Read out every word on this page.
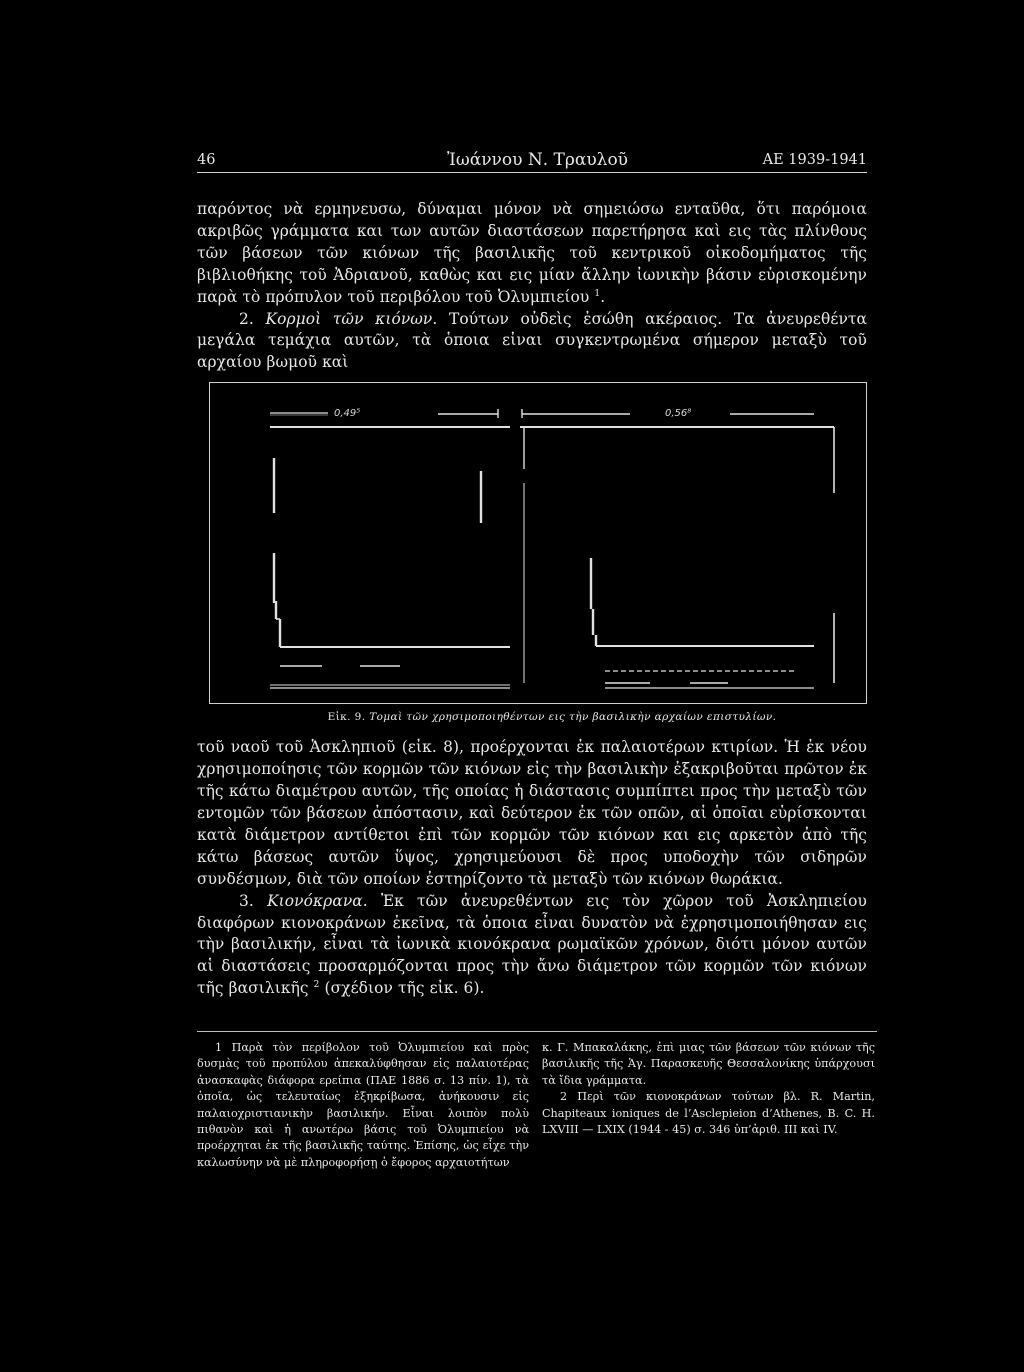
46	Ἰωάννου Ν. Τραυλοῦ	ΑΕ 1939-1941

παρόντος νὰ ερμηνευσω, δύναμαι μόνον νὰ σημειώσω ενταῦθα, ὅτι παρόμοια ακριβῶς γράμματα και των αυτῶν διαστάσεων παρετήρησα καὶ εις τὰς πλίνθους τῶν βάσεων τῶν κιόνων τῆς βασιλικῆς τοῦ κεντρικοῦ οἰκοδομήματος τῆς βιβλιοθήκης τοῦ Ἀδριανοῦ, καθὼς και εις μίαν ἄλλην ἰωνικὴν βάσιν εὑρισκομένην παρὰ τὸ πρόπυλον τοῦ περιβόλου τοῦ Ὀλυμπιείου $^1$.

2. Κορμοὶ τῶν κιόνων. Τούτων οὐδεὶς ἐσώθη ακέραιος. Τα ἀνευρεθέντα μεγάλα τεμάχια αυτῶν, τὰ ὁποια εἰναι συγκεντρωμένα σήμερον μεταξὺ τοῦ αρχαίου βωμοῦ καὶ

0,49⁵	0,56⁸
Εἰκ. 9. Τομαὶ τῶν χρησιμοποιηθέντων εις τὴν βασιλικὴν αρχαίων επιστυλίων.

τοῦ ναοῦ τοῦ Ἀσκληπιοῦ (εἰκ. 8), προέρχονται ἐκ παλαιοτέρων κτιρίων. Ἡ ἐκ νέου χρησιμοποίησις τῶν κορμῶν τῶν κιόνων εἰς τὴν βασιλικὴν ἐξακριβοῦται πρῶτον ἐκ τῆς κάτω διαμέτρου αυτῶν, τῆς οποίας ἡ διάστασις συμπίπτει προς τὴν μεταξὺ τῶν εντομῶν τῶν βάσεων ἀπόστασιν, καὶ δεύτερον ἐκ τῶν οπῶν, αἱ ὁποῖαι εὑρίσκονται κατὰ διάμετρον αντίθετοι ἐπὶ τῶν κορμῶν τῶν κιόνων και εις αρκετὸν ἀπὸ τῆς κάτω βάσεως αυτῶν ὕψος, χρησιμεύουσι δὲ προς υποδοχὴν τῶν σιδηρῶν συνδέσμων, διὰ τῶν οποίων ἐστηρίζοντο τὰ μεταξὺ τῶν κιόνων θωράκια.

3. Κιονόκρανα. Ἐκ τῶν ἀνευρεθέντων εις τὸν χῶρον τοῦ Ἀσκληπιείου διαφόρων κιονοκράνων ἐκεῖνα, τὰ ὁποια εἶναι δυνατὸν νὰ ἐχρησιμοποιήθησαν εις τὴν βασιλικήν, εἶναι τὰ ἰωνικὰ κιονόκρανα ρωμαϊκῶν χρόνων, διότι μόνον αυτῶν αἱ διαστάσεις προσαρμόζονται προς τὴν ἄνω διάμετρον τῶν κορμῶν τῶν κιόνων τῆς βασιλικῆς $^2$ (σχέδιον τῆς εἰκ. 6).

1 Παρὰ τὸν περίβολον τοῦ Ὀλυμπιείου καὶ πρὸς δυσμὰς τοῦ προπύλου ἀπεκαλύφθησαν εἰς παλαιοτέρας ἀνασκαφὰς διάφορα ερείπια (ΠΑΕ 1886 σ. 13 πίν. 1), τὰ ὁποῖα, ὡς τελευταίως ἐξηκρίβωσα, ἀνήκουσιν εἰς παλαιοχριστιανικὴν βασιλικήν. Εἶναι λοιπὸν πολὺ πιθανὸν καὶ ἡ ανωτέρω βάσις τοῦ Ὀλυμπιείου νὰ προέρχηται ἐκ τῆς βασιλικῆς ταύτης. Ἐπίσης, ὡς εἶχε τὴν καλωσύνην νὰ μὲ πληροφορήσῃ ὁ ἔφορος αρχαιοτήτων

κ. Γ. Μπακαλάκης, ἐπὶ μιας τῶν βάσεων τῶν κιόνων τῆς βασιλικῆς τῆς Ἁγ. Παρασκευῆς Θεσσαλονίκης ὑπάρχουσι τὰ ἴδια γράμματα.

2 Περὶ τῶν κιονοκράνων τούτων βλ. R. Martin, Chapiteaux ioniques de l’Asclepieion d’Athenes, B. C. H. LXVIII — LXIX (1944 - 45) σ. 346 ὑπ’ἀριθ. III καὶ IV.
